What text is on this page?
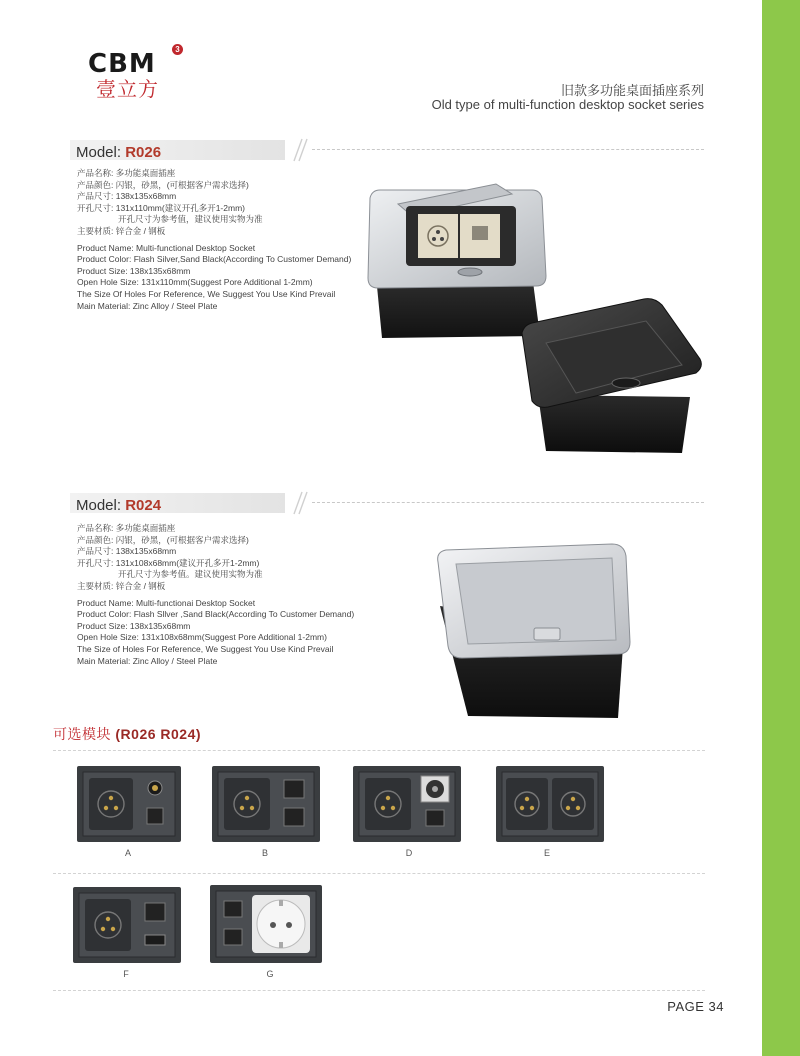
CBM	3
壹立方	旧款多功能桌面插座系列
Old type of multi-function desktop socket series
Model: R026
产品名称: 多功能桌面插座
产品颜色: 闪银，砂黑，(可根据客户需求选择)
产品尺寸: 138x135x68mm
开孔尺寸: 131x110mm(建议开孔多开1-2mm)
开孔尺寸为参考值，建议使用实物为准
主要材质: 锌合金 / 钢板
Product Name: Multi-functional Desktop Socket
Product Color: Flash Silver,Sand Black(According To Customer Demand)
Product Size: 138x135x68mm
Open Hole Size: 131x110mm(Suggest Pore Additional 1-2mm)
The Size Of Holes For Reference, We Suggest You Use Kind Prevail
Main Material: Zinc Alloy / Steel Plate
Model: R024
产品名称: 多功能桌面插座
产品颜色: 闪银，砂黑，(可根据客户需求选择)
产品尺寸: 138x135x68mm
开孔尺寸: 131x108x68mm(建议开孔多开1-2mm)
开孔尺寸为参考值。建议使用实物为准
主要材质: 锌合金 / 钢板
Product Name: Multi-functionai Desktop Socket
Product Color: Flash Sllver ,Sand Black(According To Customer Demand)
Product Size: 138x135x68mm
Open Hole Size: 131x108x68mm(Suggest Pore Additional 1-2mm)
The Size of Holes For Reference, We Suggest You Use Kind Prevail
Main Material: Zinc Alloy / Steel Plate
可选模块 (R026 R024)
A	B	D	E
F	G
PAGE 34
